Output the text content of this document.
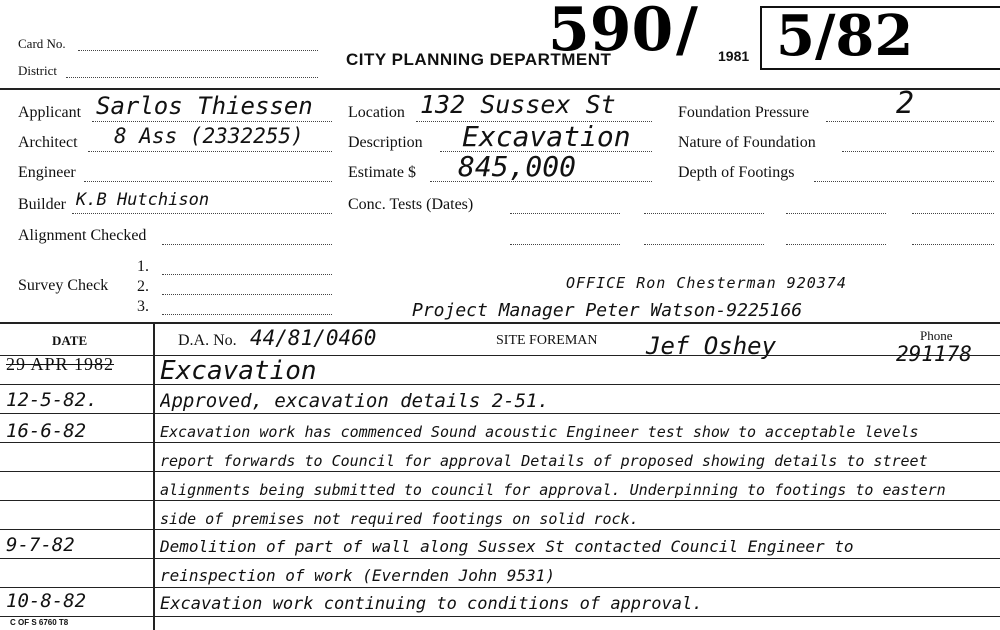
Card No.
District
CITY PLANNING DEPARTMENT
590 / 1981 5/82
Applicant Sarlos Thiessen
Architect 8 Ass (2332255)
Engineer
Builder K.B Hutchison
Alignment Checked
Survey Check
1.
2.
3.
Location 132 Sussex St
Description Excavation
Estimate $ 845,000
Conc. Tests (Dates)
Foundation Pressure	2
Nature of Foundation
Depth of Footings
OFFICE Ron Chesterman 920374
Project Manager Peter Watson-9225166
DATE	D.A. No. 44/81/0460	SITE FOREMAN Jef Oshey	Phone
291178
29 APR 1982	Excavation
12-5-82.	Approved, excavation details 2-51.
16-6-82	Excavation work has commenced Sound acoustic Engineer test show to acceptable levels
report forwards to Council for approval Details of proposed showing details to street
alignments being submitted to council for approval. Underpinning to footings to eastern
side of premises not required footings on solid rock.
9-7-82	Demolition of part of wall along Sussex St contacted Council Engineer to
reinspection of work (Evernden John 9531)
10-8-82	Excavation work continuing to conditions of approval.
C OF S 6760 T8
